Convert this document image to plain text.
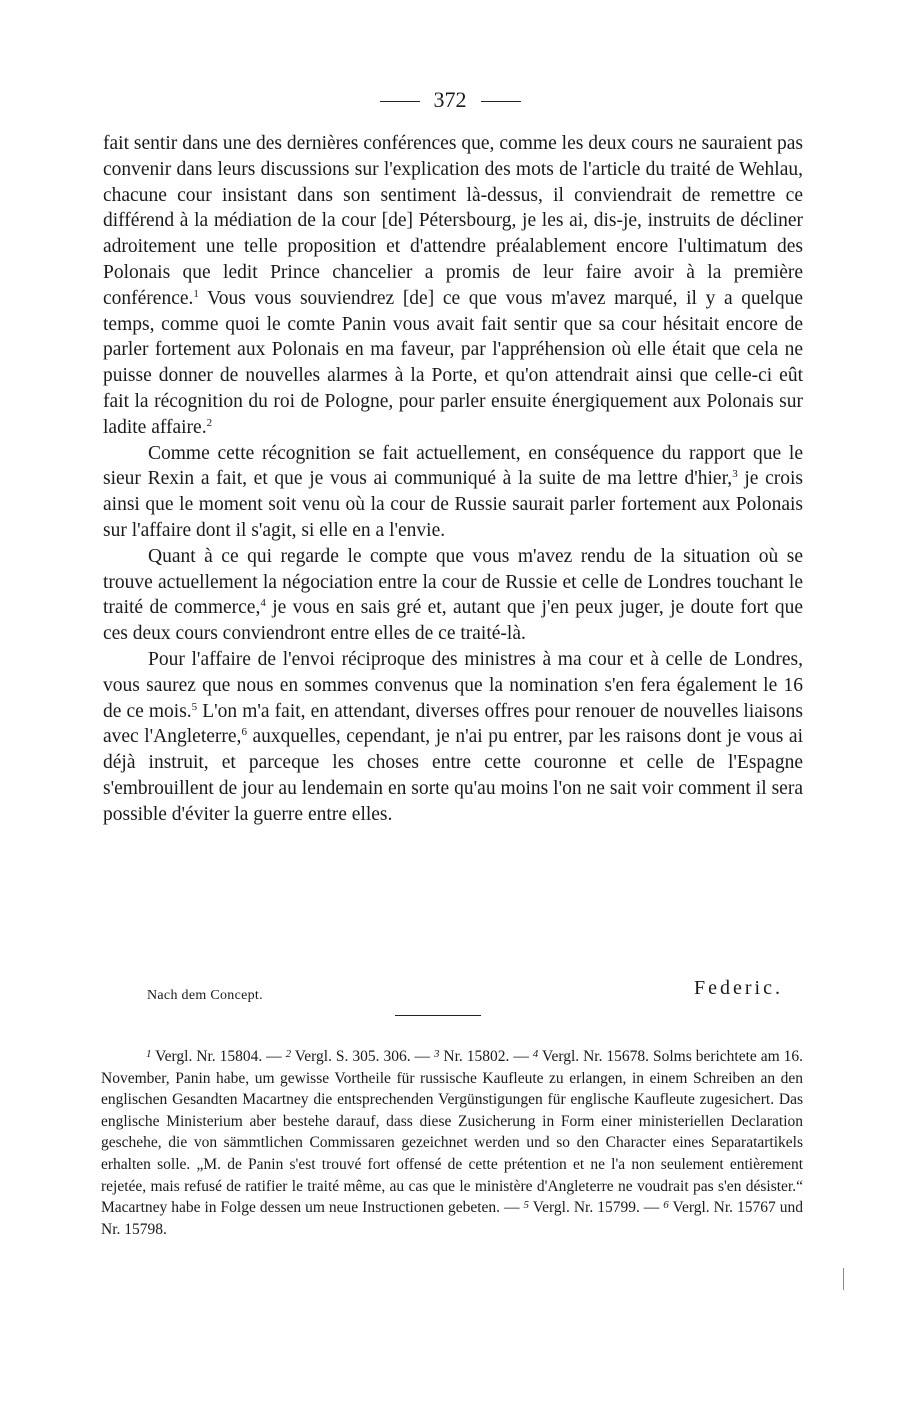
372

fait sentir dans une des dernières conférences que, comme les deux cours ne sauraient pas convenir dans leurs discussions sur l'explication des mots de l'article du traité de Wehlau, chacune cour insistant dans son sentiment là-dessus, il conviendrait de remettre ce différend à la médiation de la cour [de] Pétersbourg, je les ai, dis-je, instruits de décliner adroitement une telle proposition et d'attendre préalablement encore l'ultimatum des Polonais que ledit Prince chancelier a promis de leur faire avoir à la première conférence.$^1$ Vous vous souviendrez [de] ce que vous m'avez marqué, il y a quelque temps, comme quoi le comte Panin vous avait fait sentir que sa cour hésitait encore de parler fortement aux Polonais en ma faveur, par l'appréhension où elle était que cela ne puisse donner de nouvelles alarmes à la Porte, et qu'on attendrait ainsi que celle-ci eût fait la récognition du roi de Pologne, pour parler ensuite énergiquement aux Polonais sur ladite affaire.$^2$

Comme cette récognition se fait actuellement, en conséquence du rapport que le sieur Rexin a fait, et que je vous ai communiqué à la suite de ma lettre d'hier,$^3$ je crois ainsi que le moment soit venu où la cour de Russie saurait parler fortement aux Polonais sur l'affaire dont il s'agit, si elle en a l'envie.

Quant à ce qui regarde le compte que vous m'avez rendu de la situation où se trouve actuellement la négociation entre la cour de Russie et celle de Londres touchant le traité de commerce,$^4$ je vous en sais gré et, autant que j'en peux juger, je doute fort que ces deux cours conviendront entre elles de ce traité-là.

Pour l'affaire de l'envoi réciproque des ministres à ma cour et à celle de Londres, vous saurez que nous en sommes convenus que la nomination s'en fera également le 16 de ce mois.$^5$ L'on m'a fait, en attendant, diverses offres pour renouer de nouvelles liaisons avec l'Angleterre,$^6$ auxquelles, cependant, je n'ai pu entrer, par les raisons dont je vous ai déjà instruit, et parceque les choses entre cette couronne et celle de l'Espagne s'embrouillent de jour au lendemain en sorte qu'au moins l'on ne sait voir comment il sera possible d'éviter la guerre entre elles.

Nach dem Concept.	Federic.

$^1$ Vergl. Nr. 15804. — $^2$ Vergl. S. 305. 306. — $^3$ Nr. 15802. — $^4$ Vergl. Nr. 15678. Solms berichtete am 16. November, Panin habe, um gewisse Vortheile für russische Kaufleute zu erlangen, in einem Schreiben an den englischen Gesandten Macartney die entsprechenden Vergünstigungen für englische Kaufleute zugesichert. Das englische Ministerium aber bestehe darauf, dass diese Zusicherung in Form einer ministeriellen Declaration geschehe, die von sämmtlichen Commissaren gezeichnet werden und so den Character eines Separatartikels erhalten solle. „M. de Panin s'est trouvé fort offensé de cette prétention et ne l'a non seulement entièrement rejetée, mais refusé de ratifier le traité même, au cas que le ministère d'Angleterre ne voudrait pas s'en désister.“ Macartney habe in Folge dessen um neue Instructionen gebeten. — $^5$ Vergl. Nr. 15799. — $^6$ Vergl. Nr. 15767 und Nr. 15798.
